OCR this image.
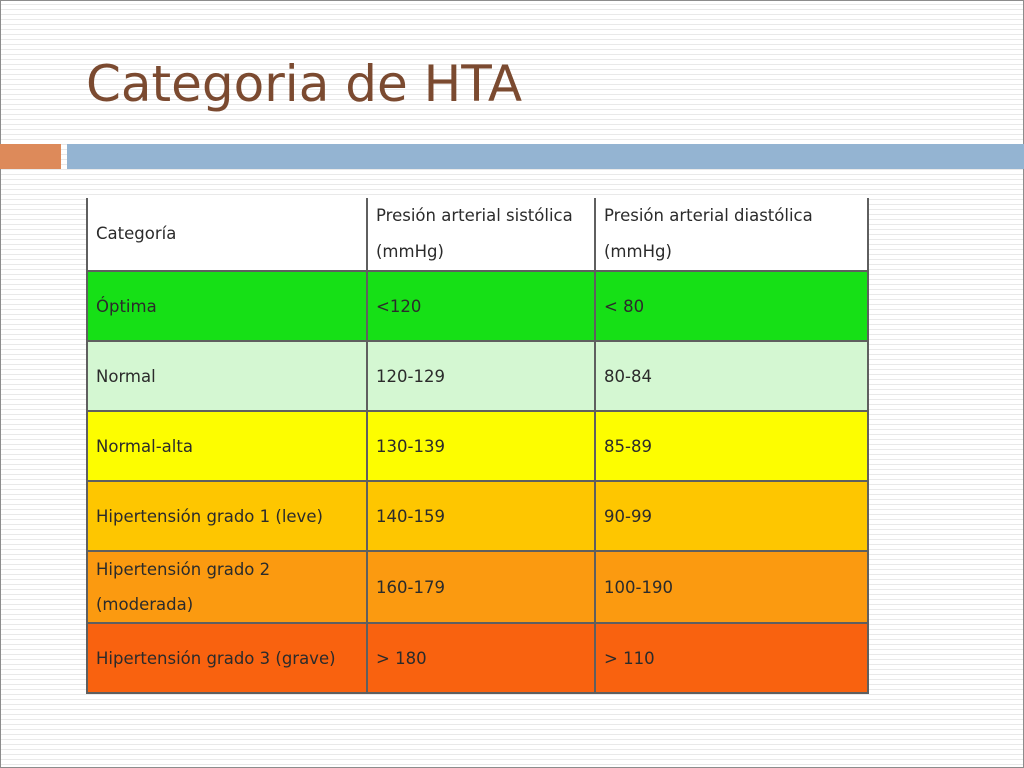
Categoria de HTA
Categoría	Presión arterial sistólica (mmHg)	Presión arterial diastólica (mmHg)
Óptima	<120	< 80
Normal	120-129	80-84
Normal-alta	130-139	85-89
Hipertensión grado 1 (leve)	140-159	90-99
Hipertensión grado 2 (moderada)	160-179	100-190
Hipertensión grado 3 (grave)	> 180	> 110
